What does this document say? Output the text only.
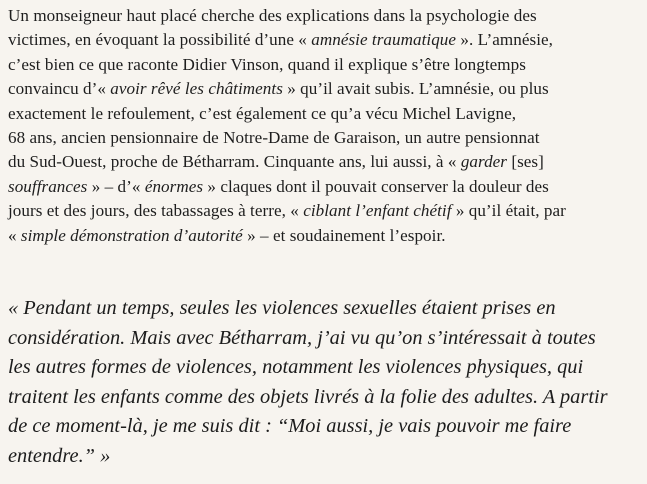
Un monseigneur haut placé cherche des explications dans la psychologie des
victimes, en évoquant la possibilité d’une « amnésie traumatique ». L’amnésie,
c’est bien ce que raconte Didier Vinson, quand il explique s’être longtemps
convaincu d’« avoir rêvé les châtiments » qu’il avait subis. L’amnésie, ou plus
exactement le refoulement, c’est également ce qu’a vécu Michel Lavigne,
68 ans, ancien pensionnaire de Notre-Dame de Garaison, un autre pensionnat
du Sud-Ouest, proche de Bétharram. Cinquante ans, lui aussi, à « garder [ses]
souffrances » – d’« énormes » claques dont il pouvait conserver la douleur des
jours et des jours, des tabassages à terre, « ciblant l’enfant chétif » qu’il était, par
« simple démonstration d’autorité » – et soudainement l’espoir.

« Pendant un temps, seules les violences sexuelles étaient prises en
considération. Mais avec Bétharram, j’ai vu qu’on s’intéressait à toutes
les autres formes de violences, notamment les violences physiques, qui
traitent les enfants comme des objets livrés à la folie des adultes. A partir
de ce moment-là, je me suis dit : “Moi aussi, je vais pouvoir me faire
entendre.” »
